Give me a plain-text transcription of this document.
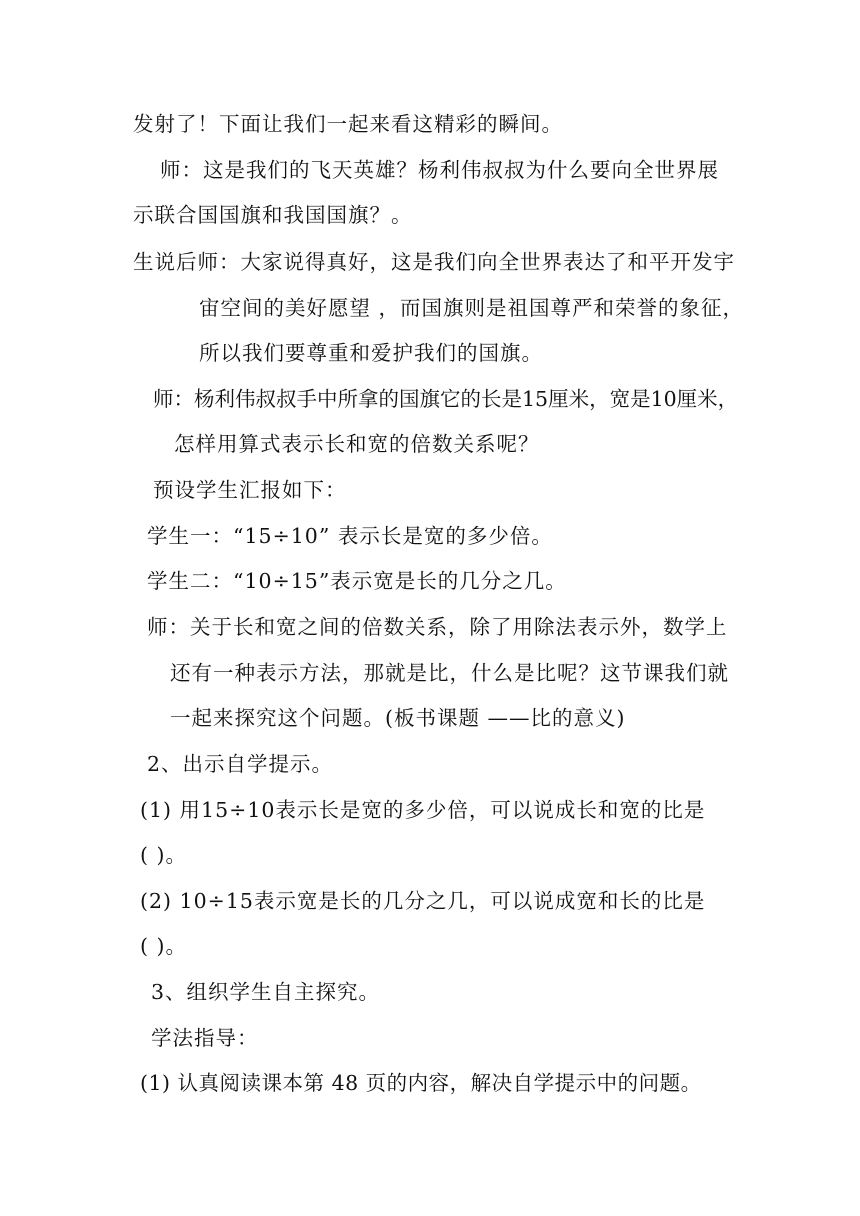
发射了！下面让我们一起来看这精彩的瞬间。
师：这是我们的飞天英雄？杨利伟叔叔为什么要向全世界展
示联合国国旗和我国国旗？。
生说后师：大家说得真好，这是我们向全世界表达了和平开发宇
宙空间的美好愿望 ，而国旗则是祖国尊严和荣誉的象征，
所以我们要尊重和爱护我们的国旗。
师：杨利伟叔叔手中所拿的国旗它的长是15厘米，宽是10厘米，
怎样用算式表示长和宽的倍数关系呢？
预设学生汇报如下：
学生一：“15÷10” 表示长是宽的多少倍。
学生二：“10÷15”表示宽是长的几分之几。
师：关于长和宽之间的倍数关系，除了用除法表示外，数学上
还有一种表示方法，那就是比，什么是比呢？这节课我们就
一起来探究这个问题。(板书课题 ——比的意义)
2、出示自学提示。
(1) 用15÷10表示长是宽的多少倍，可以说成长和宽的比是
( )。
(2) 10÷15表示宽是长的几分之几，可以说成宽和长的比是
( )。
3、组织学生自主探究。
学法指导：
(1) 认真阅读课本第 48 页的内容，解决自学提示中的问题。
